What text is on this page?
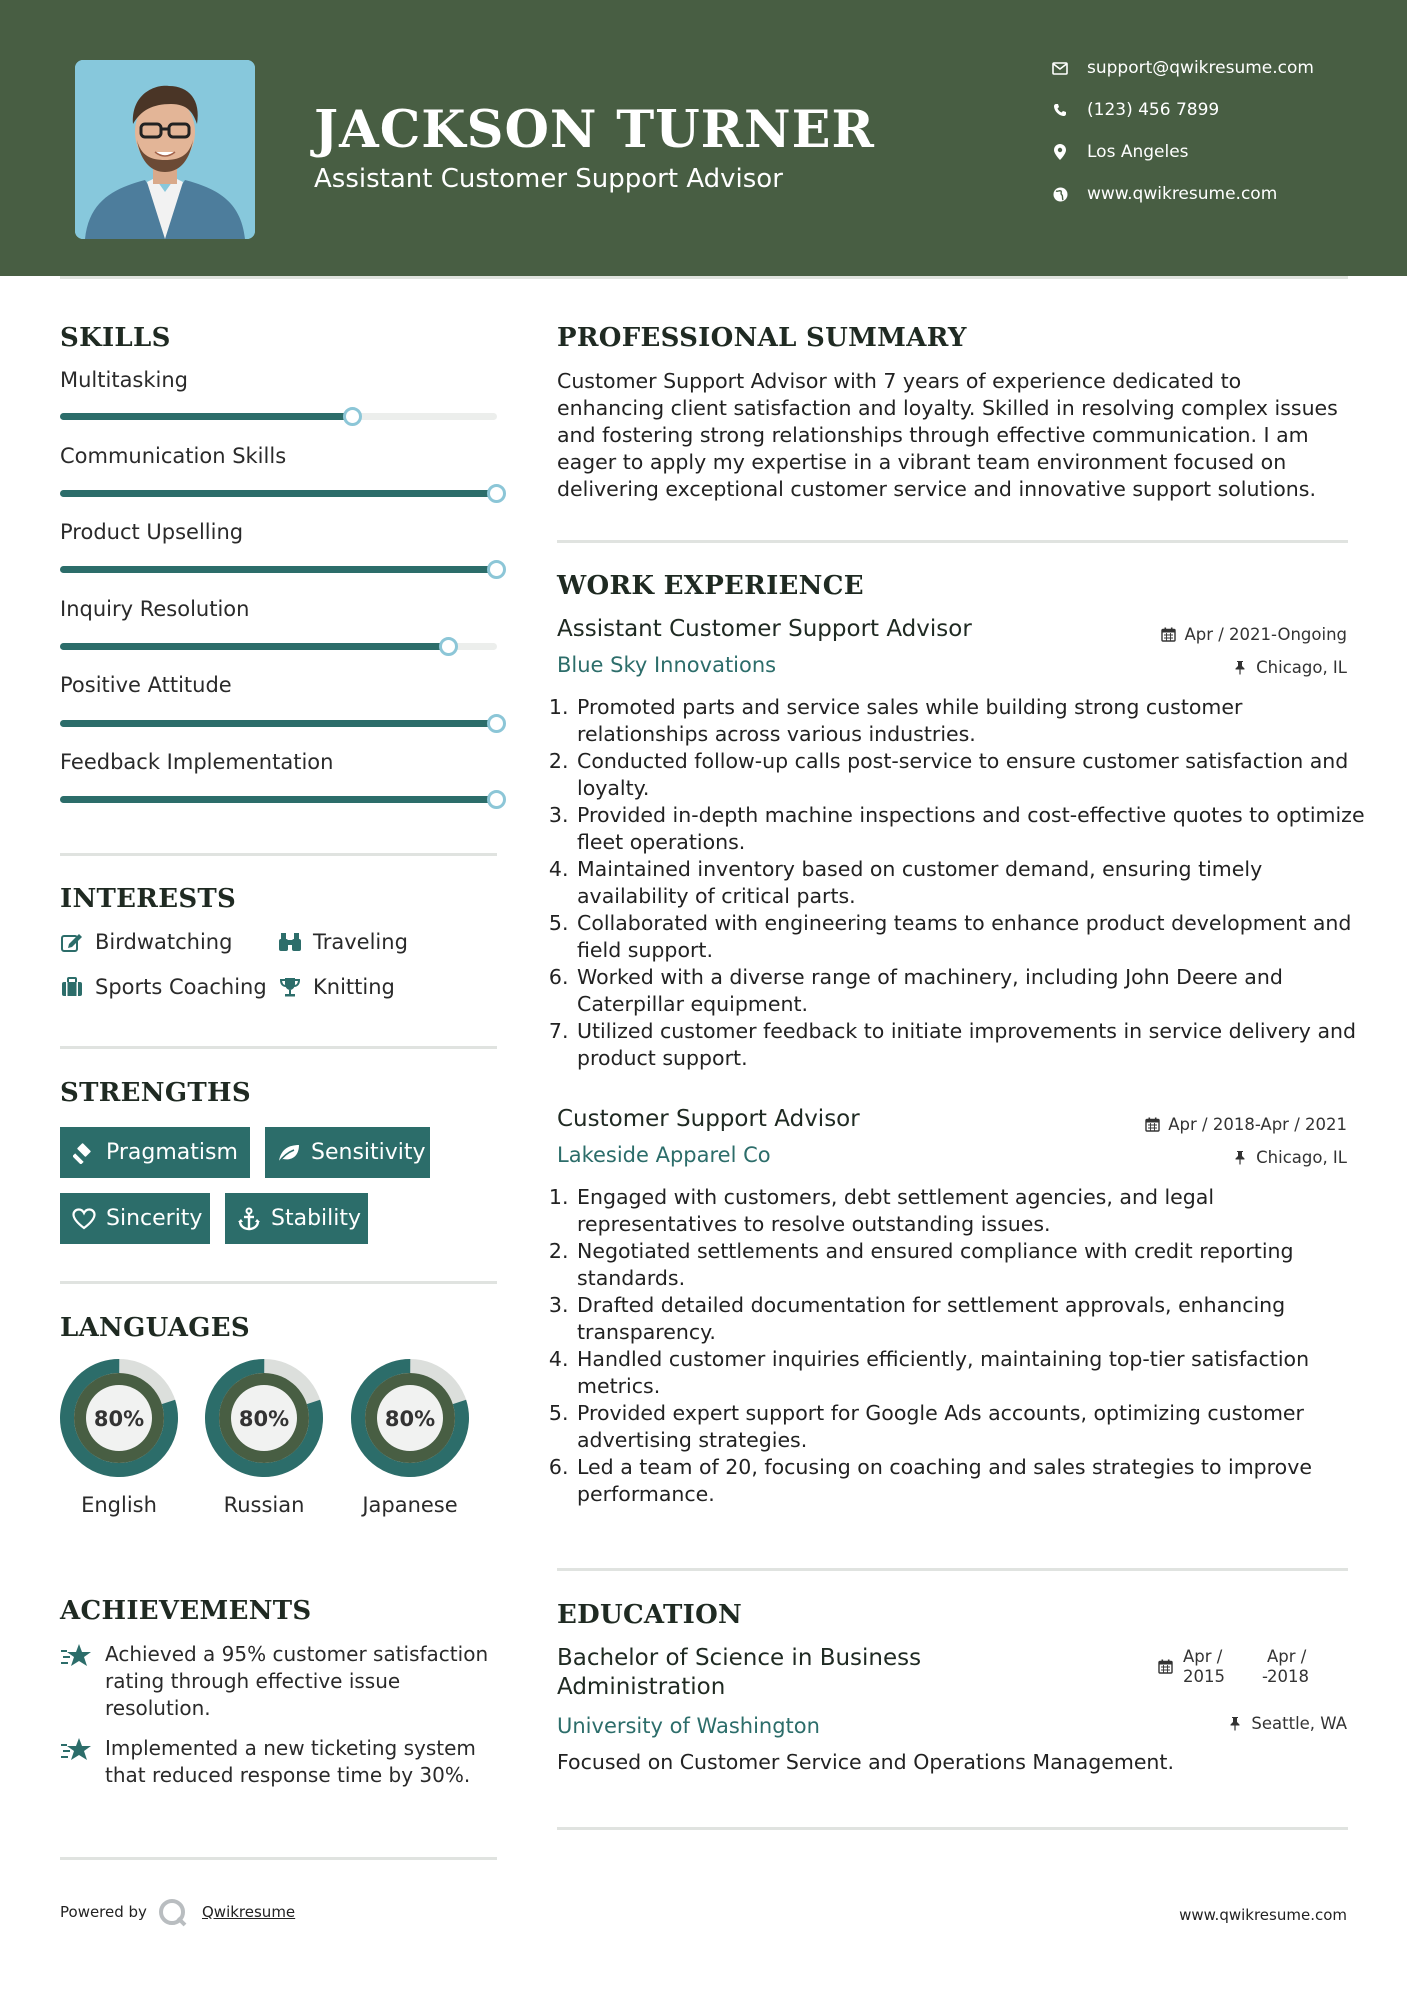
JACKSON TURNER
Assistant Customer Support Advisor
support@qwikresume.com
(123) 456 7899
Los Angeles
www.qwikresume.com
SKILLS
Multitasking
Communication Skills
Product Upselling
Inquiry Resolution
Positive Attitude
Feedback Implementation
INTERESTS
Birdwatching	Traveling
Sports Coaching Knitting
STRENGTHS
Pragmatism	Sensitivity
Sincerity	Stability
LANGUAGES
80%
English
80%
Russian
80%
Japanese
ACHIEVEMENTS
Achieved a 95% customer satisfaction rating through effective issue resolution.
Implemented a new ticketing system that reduced response time by 30%.
PROFESSIONAL SUMMARY
Customer Support Advisor with 7 years of experience dedicated to enhancing client satisfaction and loyalty. Skilled in resolving complex issues and fostering strong relationships through effective communication. I am eager to apply my expertise in a vibrant team environment focused on delivering exceptional customer service and innovative support solutions.
WORK EXPERIENCE
Assistant Customer Support Advisor	Apr / 2021-Ongoing
Blue Sky Innovations	Chicago, IL
1. Promoted parts and service sales while building strong customer relationships across various industries.
2. Conducted follow-up calls post-service to ensure customer satisfaction and loyalty.
3. Provided in-depth machine inspections and cost-effective quotes to optimize fleet operations.
4. Maintained inventory based on customer demand, ensuring timely availability of critical parts.
5. Collaborated with engineering teams to enhance product development and field support.
6. Worked with a diverse range of machinery, including John Deere and Caterpillar equipment.
7. Utilized customer feedback to initiate improvements in service delivery and product support.
Customer Support Advisor	Apr / 2018-Apr / 2021
Lakeside Apparel Co	Chicago, IL
1. Engaged with customers, debt settlement agencies, and legal representatives to resolve outstanding issues.
2. Negotiated settlements and ensured compliance with credit reporting standards.
3. Drafted detailed documentation for settlement approvals, enhancing transparency.
4. Handled customer inquiries efficiently, maintaining top-tier satisfaction metrics.
5. Provided expert support for Google Ads accounts, optimizing customer advertising strategies.
6. Led a team of 20, focusing on coaching and sales strategies to improve performance.
EDUCATION
Bachelor of Science in Business
Administration
Apr /
2015 -
Apr /
2018
University of Washington	Seattle, WA
Focused on Customer Service and Operations Management.
Powered by	Qwikresume	www.qwikresume.com
